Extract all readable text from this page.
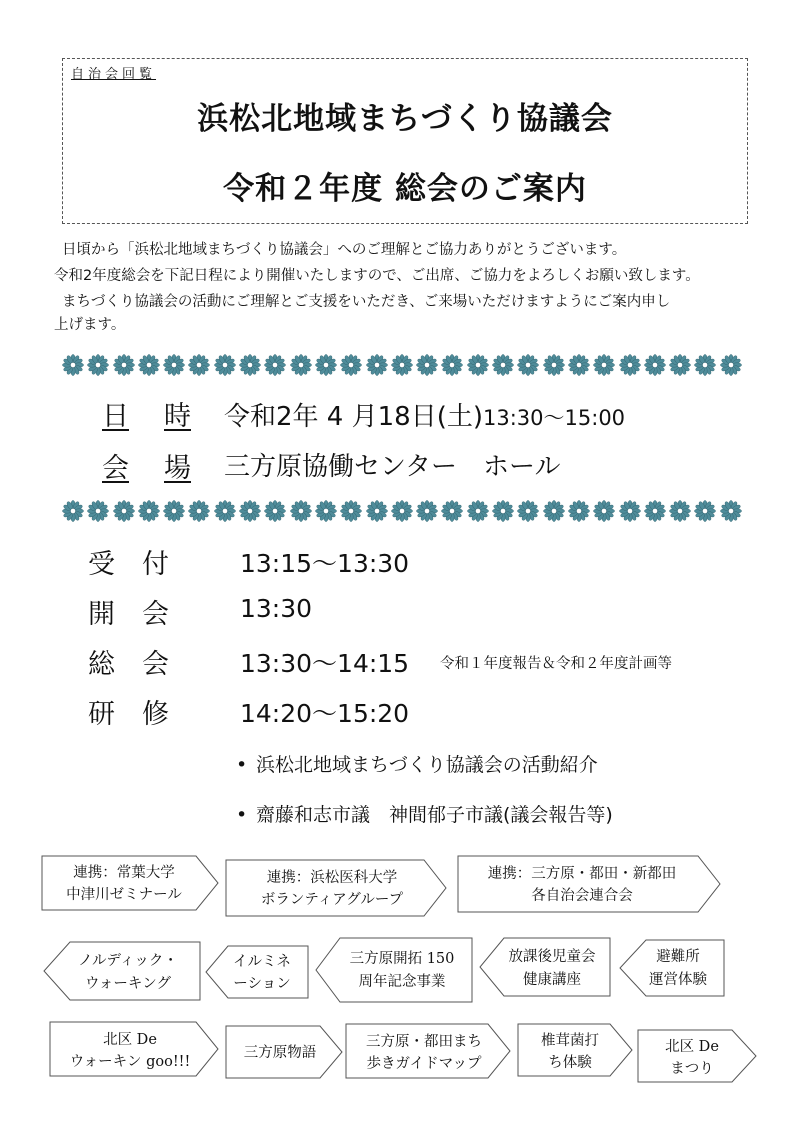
自治会回覧
浜松北地域まちづくり協議会
令和２年度 総会のご案内
日頃から「浜松北地域まちづくり協議会」へのご理解とご協力ありがとうございます。
令和2年度総会を下記日程により開催いたしますので、ご出席、ご協力をよろしくお願い致します。
まちづくり協議会の活動にご理解とご支援をいただき、ご来場いただけますようにご案内申し
上げます。
日 時 令和2年 4 月18日(土)13:30～15:00
会 場 三方原協働センター　ホール
受　付	13:15～13:30
開　会	13:30
総　会	13:30～14:15 令和１年度報告＆令和２年度計画等
研　修	14:20～15:20
• 浜松北地域まちづくり協議会の活動紹介
• 齋藤和志市議　神間郁子市議(議会報告等)
連携：常葉大学
中津川ゼミナール
連携：浜松医科大学
ボランティアグループ
連携：三方原・都田・新都田
各自治会連合会
ノルディック・
ウォーキング
イルミネ
ーション
三方原開拓 150
周年記念事業
放課後児童会
健康講座
避難所
運営体験
北区 De
ウォーキン goo!!!
三方原物語
三方原・都田まち
歩きガイドマップ
椎茸菌打
ち体験
北区 De
まつり
